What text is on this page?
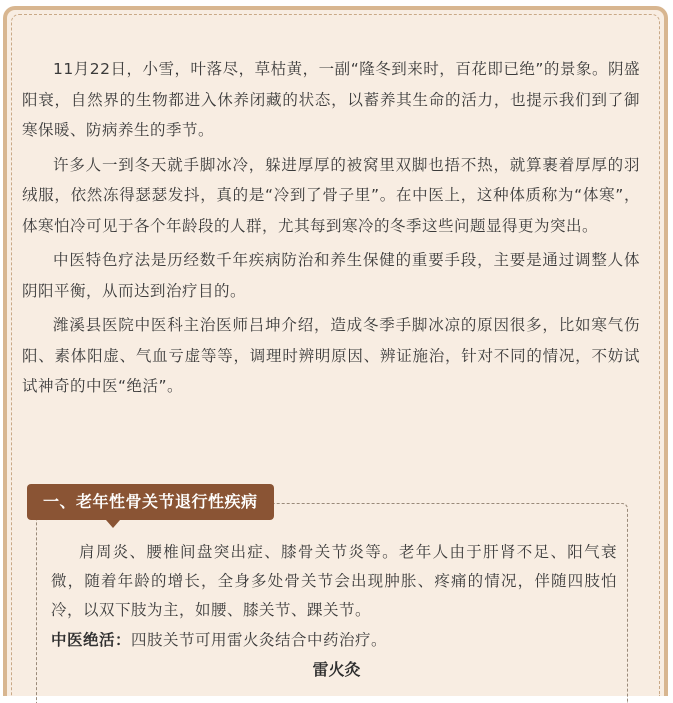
11月22日，小雪，叶落尽，草枯黄，一副“隆冬到来时，百花即已绝”的景象。阴盛阳衰，自然界的生物都进入休养闭藏的状态，以蓄养其生命的活力，也提示我们到了御寒保暖、防病养生的季节。

许多人一到冬天就手脚冰冷，躲进厚厚的被窝里双脚也捂不热，就算裹着厚厚的羽绒服，依然冻得瑟瑟发抖，真的是“冷到了骨子里”。在中医上，这种体质称为“体寒”，体寒怕冷可见于各个年龄段的人群，尤其每到寒冷的冬季这些问题显得更为突出。

中医特色疗法是历经数千年疾病防治和养生保健的重要手段，主要是通过调整人体阴阳平衡，从而达到治疗目的。

潍溪县医院中医科主治医师吕坤介绍，造成冬季手脚冰凉的原因很多，比如寒气伤阳、素体阳虚、气血亏虚等等，调理时辨明原因、辨证施治，针对不同的情况，不妨试试神奇的中医“绝活”。

一、老年性骨关节退行性疾病

肩周炎、腰椎间盘突出症、膝骨关节炎等。老年人由于肝肾不足、阳气衰微，随着年龄的增长，全身多处骨关节会出现肿胀、疼痛的情况，伴随四肢怕冷，以双下肢为主，如腰、膝关节、踝关节。

中医绝活：四肢关节可用雷火灸结合中药治疗。
雷火灸
